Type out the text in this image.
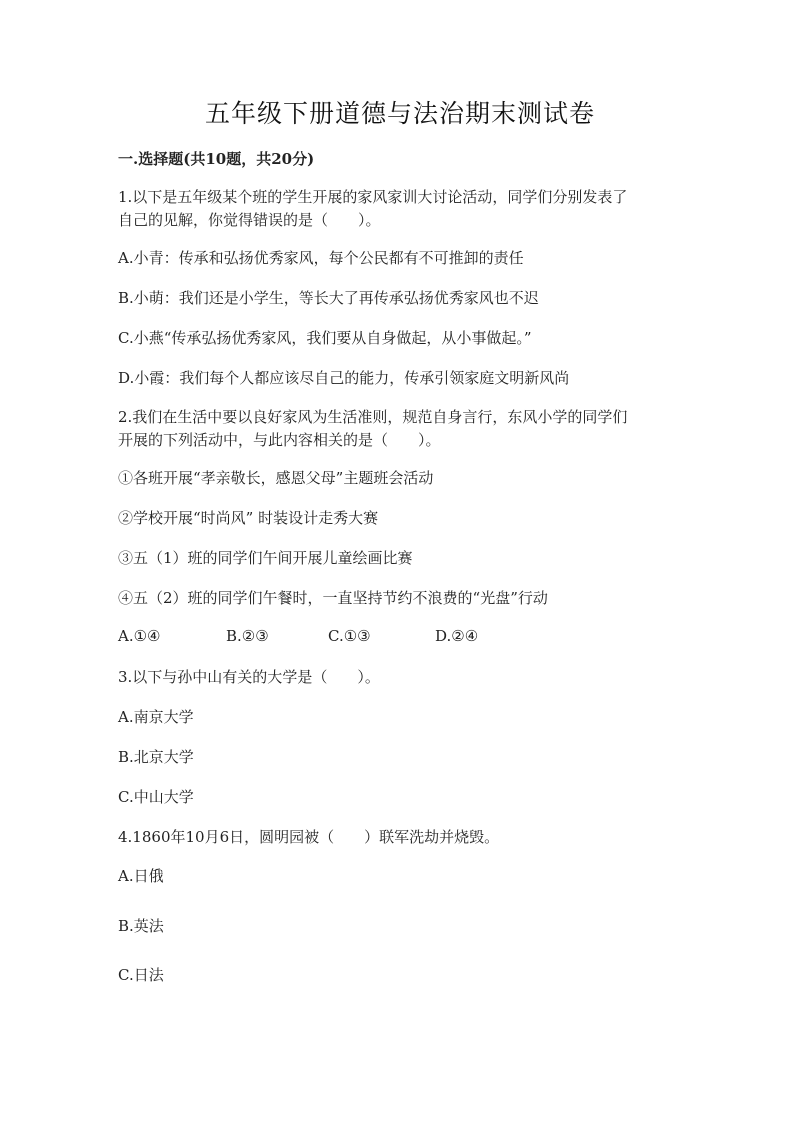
五年级下册道德与法治期末测试卷
一.选择题(共10题，共20分)
1.以下是五年级某个班的学生开展的家风家训大讨论活动，同学们分别发表了
自己的见解，你觉得错误的是（　　）。
A.小青：传承和弘扬优秀家风，每个公民都有不可推卸的责任
B.小萌：我们还是小学生，等长大了再传承弘扬优秀家风也不迟
C.小燕“传承弘扬优秀家风，我们要从自身做起，从小事做起。”
D.小霞：我们每个人都应该尽自己的能力，传承引领家庭文明新风尚
2.我们在生活中要以良好家风为生活准则，规范自身言行，东风小学的同学们
开展的下列活动中，与此内容相关的是（　　）。
①各班开展“孝亲敬长，感恩父母”主题班会活动
②学校开展“时尚风” 时装设计走秀大赛
③五（1）班的同学们午间开展儿童绘画比赛
④五（2）班的同学们午餐时，一直坚持节约不浪费的“光盘”行动
A.①④	B.②③	C.①③	D.②④
3.以下与孙中山有关的大学是（　　）。
A.南京大学
B.北京大学
C.中山大学
4.1860年10月6日，圆明园被（　　）联军洗劫并烧毁。
A.日俄
B.英法
C.日法
